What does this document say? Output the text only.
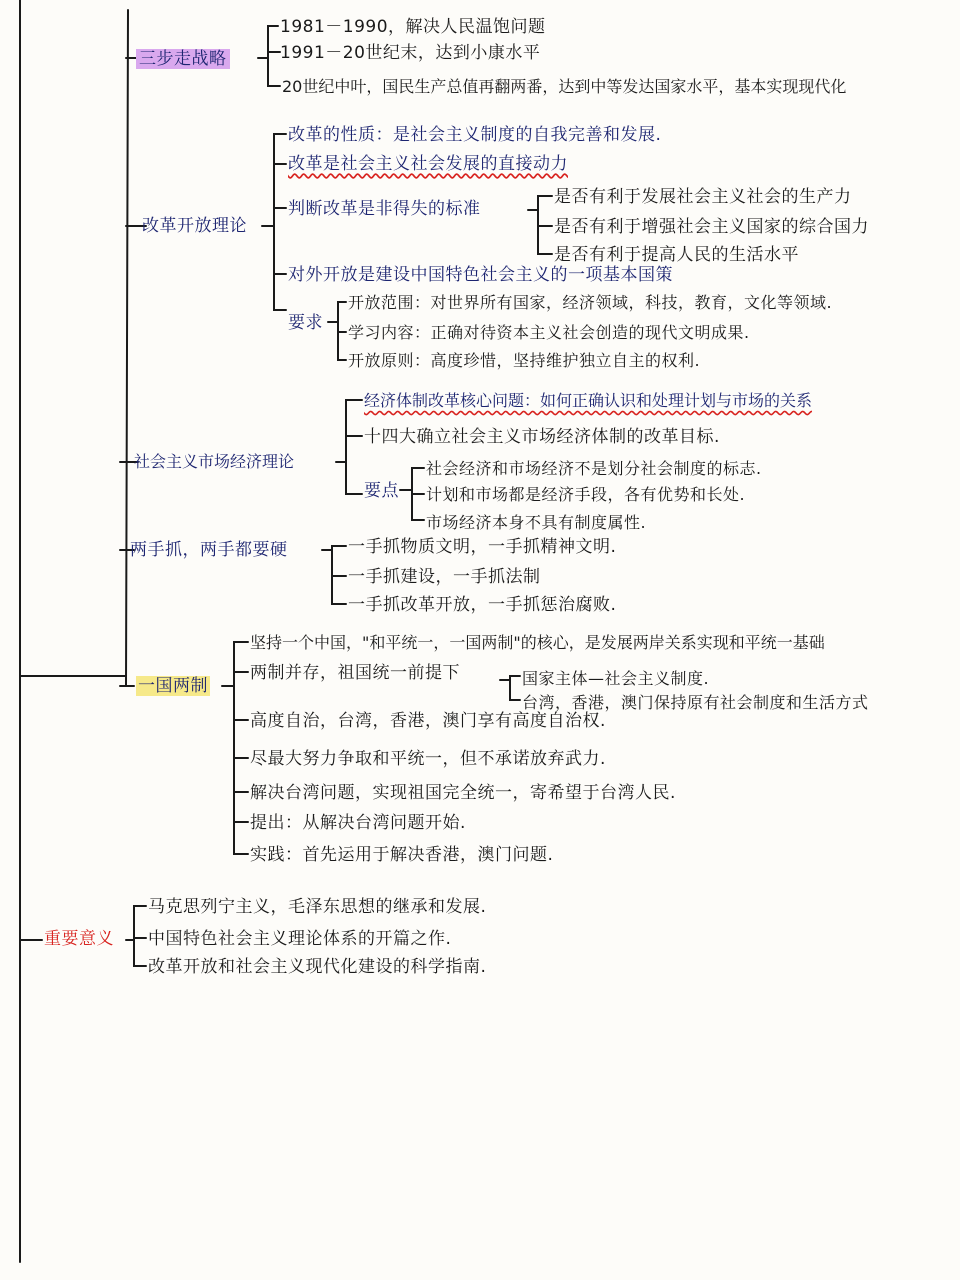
三步走战略
1981－1990，解决人民温饱问题
1991－20世纪末，达到小康水平
20世纪中叶，国民生产总值再翻两番，达到中等发达国家水平，基本实现现代化
改革开放理论
改革的性质：是社会主义制度的自我完善和发展.
改革是社会主义社会发展的直接动力
判断改革是非得失的标准
是否有利于发展社会主义社会的生产力
是否有利于增强社会主义国家的综合国力
是否有利于提高人民的生活水平
对外开放是建设中国特色社会主义的一项基本国策
要求
开放范围：对世界所有国家，经济领域，科技，教育，文化等领域.
学习内容：正确对待资本主义社会创造的现代文明成果.
开放原则：高度珍惜，坚持维护独立自主的权利.
社会主义市场经济理论
经济体制改革核心问题：如何正确认识和处理计划与市场的关系
十四大确立社会主义市场经济体制的改革目标.
要点
社会经济和市场经济不是划分社会制度的标志.
计划和市场都是经济手段，各有优势和长处.
市场经济本身不具有制度属性.
两手抓，两手都要硬	一手抓物质文明，一手抓精神文明.
一手抓建设，一手抓法制
一手抓改革开放，一手抓惩治腐败.
一国两制
坚持一个中国，"和平统一，一国两制"的核心，是发展两岸关系实现和平统一基础
两制并存，祖国统一前提下	国家主体—社会主义制度.
台湾，香港，澳门保持原有社会制度和生活方式
高度自治，台湾，香港，澳门享有高度自治权.
尽最大努力争取和平统一，但不承诺放弃武力.
解决台湾问题，实现祖国完全统一，寄希望于台湾人民.
提出：从解决台湾问题开始.
实践：首先运用于解决香港，澳门问题.
重要意义
马克思列宁主义，毛泽东思想的继承和发展.
中国特色社会主义理论体系的开篇之作.
改革开放和社会主义现代化建设的科学指南.
